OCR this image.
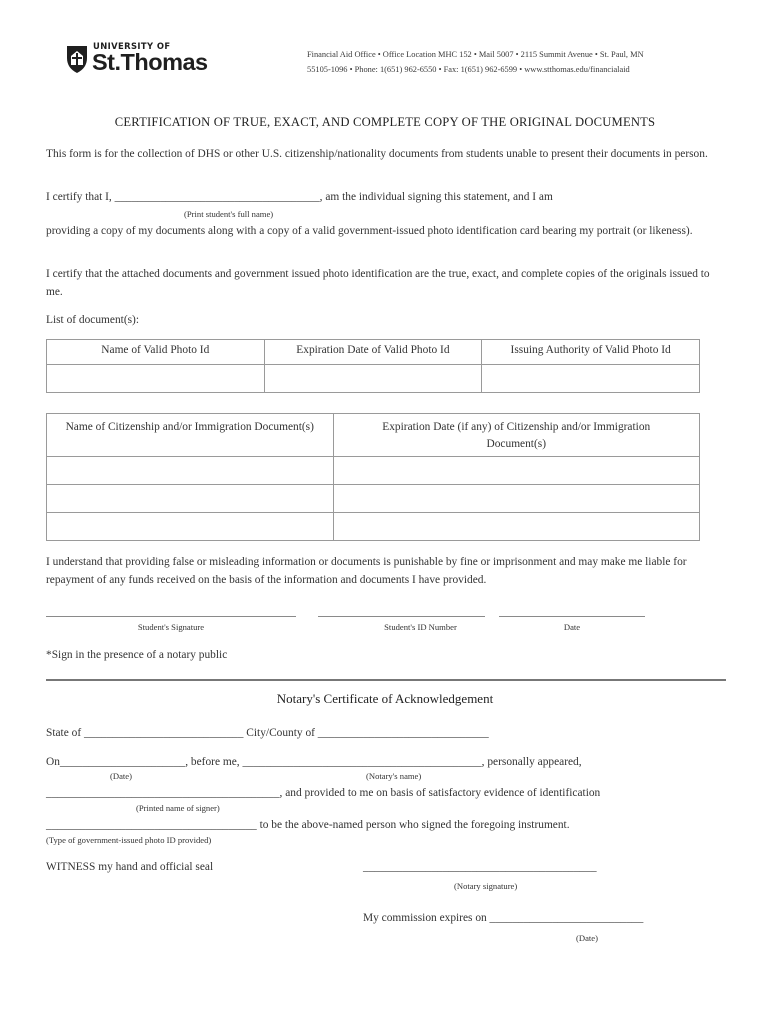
UNIVERSITY OF
St.Thomas	Financial Aid Office • Office Location MHC 152 • Mail 5007 • 2115 Summit Avenue • St. Paul, MN
55105-1096 • Phone: 1(651) 962-6550 • Fax: 1(651) 962-6599 • www.stthomas.edu/financialaid
CERTIFICATION OF TRUE, EXACT, AND COMPLETE COPY OF THE ORIGINAL DOCUMENTS
This form is for the collection of DHS or other U.S. citizenship/nationality documents from students unable to present their documents in person.
I certify that I, ____________________________________, am the individual signing this statement, and I am
(Print student's full name)
providing a copy of my documents along with a copy of a valid government-issued photo identification card bearing my portrait (or likeness).
I certify that the attached documents and government issued photo identification are the true, exact, and complete copies of the originals issued to me.
List of document(s):
Name of Valid Photo Id	Expiration Date of Valid Photo Id	Issuing Authority of Valid Photo Id

Name of Citizenship and/or Immigration Document(s)	Expiration Date (if any) of Citizenship and/or Immigration Document(s)

I understand that providing false or misleading information or documents is punishable by fine or imprisonment and may make me liable for repayment of any funds received on the basis of the information and documents I have provided.
Student's Signature	Student's ID Number	Date
*Sign in the presence of a notary public
Notary's Certificate of Acknowledgement
State of ____________________________ City/County of ______________________________
On______________________, before me, __________________________________________, personally appeared,
(Date)	(Notary's name)
_________________________________________, and provided to me on basis of satisfactory evidence of identification
(Printed name of signer)
_____________________________________ to be the above-named person who signed the foregoing instrument.
(Type of government-issued photo ID provided)
WITNESS my hand and official seal	_________________________________________
(Notary signature)
My commission expires on ___________________________
(Date)
